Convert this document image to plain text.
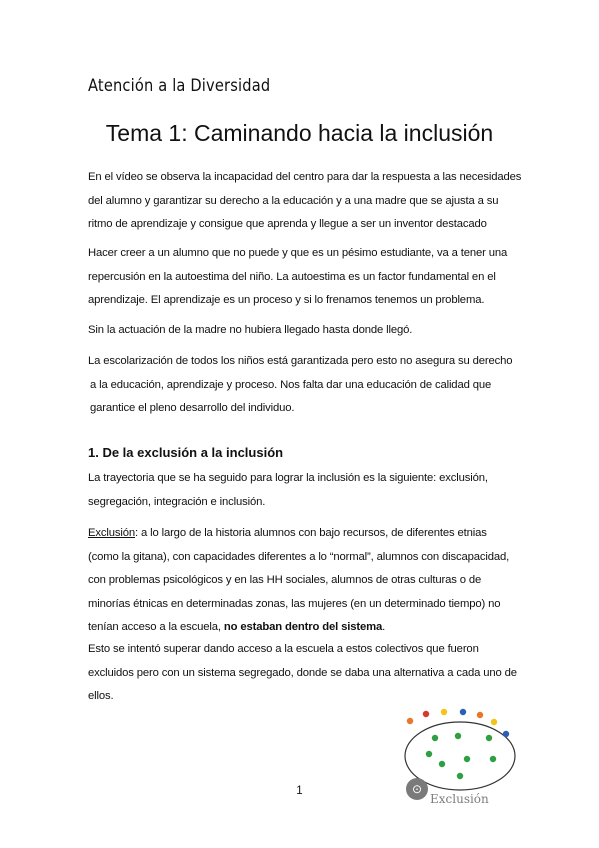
Atención a la Diversidad
Tema 1: Caminando hacia la inclusión
En el vídeo se observa la incapacidad del centro para dar la respuesta a las necesidades
del alumno y garantizar su derecho a la educación y a una madre que se ajusta a su
ritmo de aprendizaje y consigue que aprenda y llegue a ser un inventor destacado
Hacer creer a un alumno que no puede y que es un pésimo estudiante, va a tener una
repercusión en la autoestima del niño. La autoestima es un factor fundamental en el
aprendizaje. El aprendizaje es un proceso y si lo frenamos tenemos un problema.
Sin la actuación de la madre no hubiera llegado hasta donde llegó.
La escolarización de todos los niños está garantizada pero esto no asegura su derecho
a la educación, aprendizaje y proceso. Nos falta dar una educación de calidad que
garantice el pleno desarrollo del individuo.
1. De la exclusión a la inclusión
La trayectoria que se ha seguido para lograr la inclusión es la siguiente: exclusión,
segregación, integración e inclusión.
Exclusión: a lo largo de la historia alumnos con bajo recursos, de diferentes etnias
(como la gitana), con capacidades diferentes a lo “normal”, alumnos con discapacidad,
con problemas psicológicos y en las HH sociales, alumnos de otras culturas o de
minorías étnicas en determinadas zonas, las mujeres (en un determinado tiempo) no
tenían acceso a la escuela, no estaban dentro del sistema.
Esto se intentó superar dando acceso a la escuela a estos colectivos que fueron
excluidos pero con un sistema segregado, donde se daba una alternativa a cada uno de
ellos.
⊙
Exclusión
1
